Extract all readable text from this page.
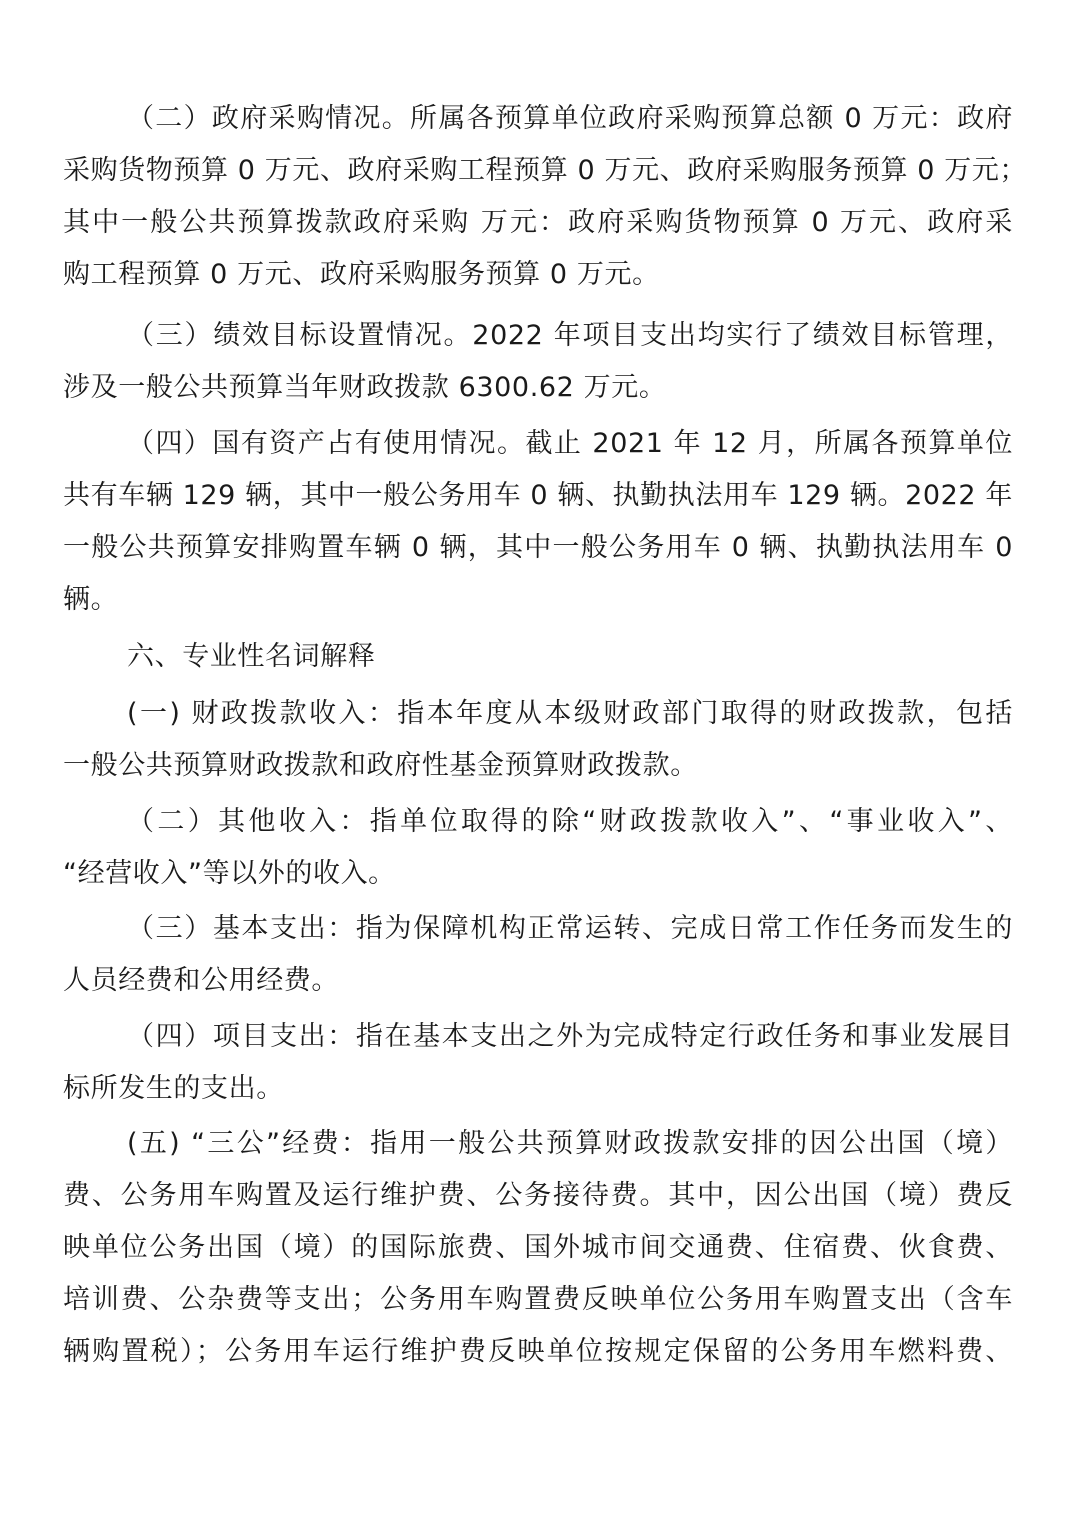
（二）政府采购情况。所属各预算单位政府采购预算总额 0 万元：政府
采购货物预算 0 万元、政府采购工程预算 0 万元、政府采购服务预算 0 万元；
其中一般公共预算拨款政府采购 万元：政府采购货物预算 0 万元、政府采
购工程预算 0 万元、政府采购服务预算 0 万元。
（三）绩效目标设置情况。2022 年项目支出均实行了绩效目标管理，
涉及一般公共预算当年财政拨款 6300.62 万元。
（四）国有资产占有使用情况。截止 2021 年 12 月，所属各预算单位
共有车辆 129 辆，其中一般公务用车 0 辆、执勤执法用车 129 辆。2022 年
一般公共预算安排购置车辆 0 辆，其中一般公务用车 0 辆、执勤执法用车 0
辆。
六、专业性名词解释
(一) 财政拨款收入：指本年度从本级财政部门取得的财政拨款，包括
一般公共预算财政拨款和政府性基金预算财政拨款。
（二）其他收入：指单位取得的除“财政拨款收入”、“事业收入”、
“经营收入”等以外的收入。
（三）基本支出：指为保障机构正常运转、完成日常工作任务而发生的
人员经费和公用经费。
（四）项目支出：指在基本支出之外为完成特定行政任务和事业发展目
标所发生的支出。
(五) “三公”经费：指用一般公共预算财政拨款安排的因公出国（境）
费、公务用车购置及运行维护费、公务接待费。其中，因公出国（境）费反
映单位公务出国（境）的国际旅费、国外城市间交通费、住宿费、伙食费、
培训费、公杂费等支出；公务用车购置费反映单位公务用车购置支出（含车
辆购置税）；公务用车运行维护费反映单位按规定保留的公务用车燃料费、
